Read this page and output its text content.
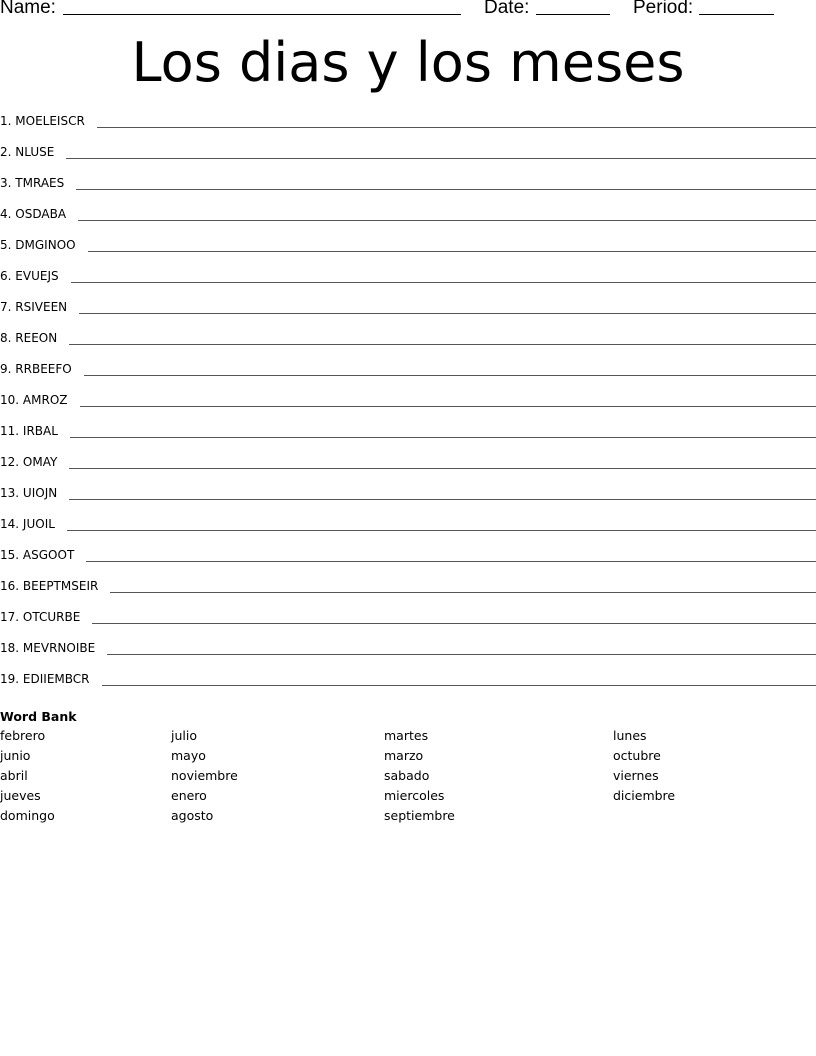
Name:	Date:	Period:
Los dias y los meses
1 . MOELEISCR
2 . NLUSE
3 . TMRAES
4 . OSDABA
5 . DMGINOO
6 . EVUEJS
7 . RSIVEEN
8 . REEON
9 . RRBEEFO
10 . AMROZ
11 . IRBAL
12 . OMAY
13 . UIOJN
14 . JUOIL
15 . ASGOOT
16 . BEEPTMSEIR
17 . OTCURBE
18 . MEVRNOIBE
19 . EDIIEMBCR

Word Bank

febrero
junio
abril
jueves
domingo
julio
mayo
noviembre
enero
agosto
martes
marzo
sabado
miercoles
septiembre
lunes
octubre
viernes
diciembre
